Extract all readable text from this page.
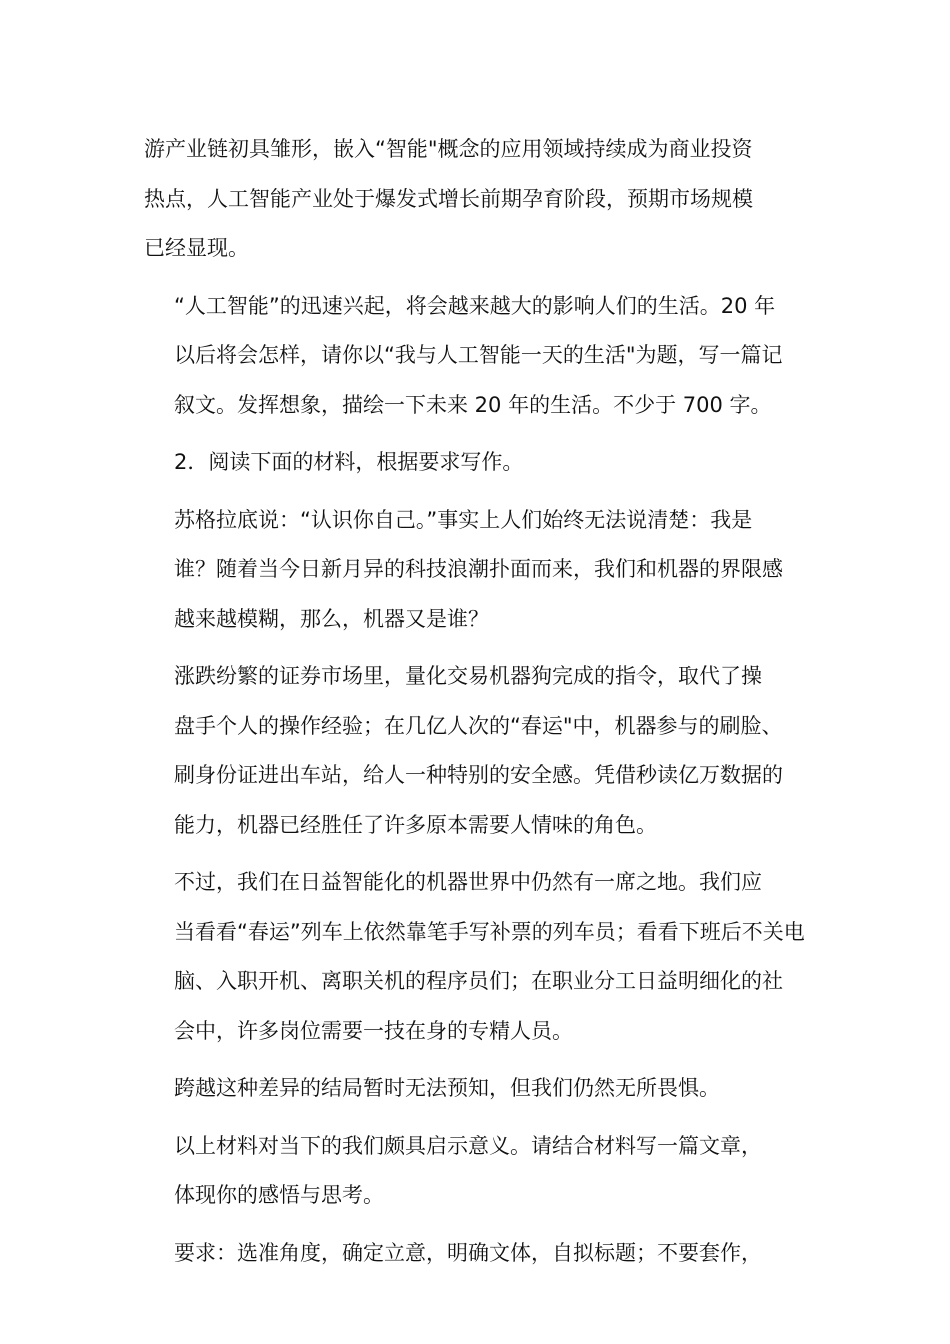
游产业链初具雏形，嵌入“智能"概念的应用领域持续成为商业投资
热点，人工智能产业处于爆发式增长前期孕育阶段，预期市场规模
已经显现。
“人工智能”的迅速兴起，将会越来越大的影响人们的生活。20 年
以后将会怎样，请你以“我与人工智能一天的生活"为题，写一篇记
叙文。发挥想象，描绘一下未来 20 年的生活。不少于 700 字。
2．阅读下面的材料，根据要求写作。
苏格拉底说：“认识你自己。”事实上人们始终无法说清楚：我是
谁？随着当今日新月异的科技浪潮扑面而来，我们和机器的界限感
越来越模糊，那么，机器又是谁？
涨跌纷繁的证券市场里，量化交易机器狗完成的指令，取代了操
盘手个人的操作经验；在几亿人次的“春运"中，机器参与的刷脸、
刷身份证进出车站，给人一种特别的安全感。凭借秒读亿万数据的
能力，机器已经胜任了许多原本需要人情味的角色。
不过，我们在日益智能化的机器世界中仍然有一席之地。我们应
当看看“春运”列车上依然靠笔手写补票的列车员；看看下班后不关电
脑、入职开机、离职关机的程序员们；在职业分工日益明细化的社
会中，许多岗位需要一技在身的专精人员。
跨越这种差异的结局暂时无法预知，但我们仍然无所畏惧。
以上材料对当下的我们颇具启示意义。请结合材料写一篇文章，
体现你的感悟与思考。
要求：选准角度，确定立意，明确文体，自拟标题；不要套作，
